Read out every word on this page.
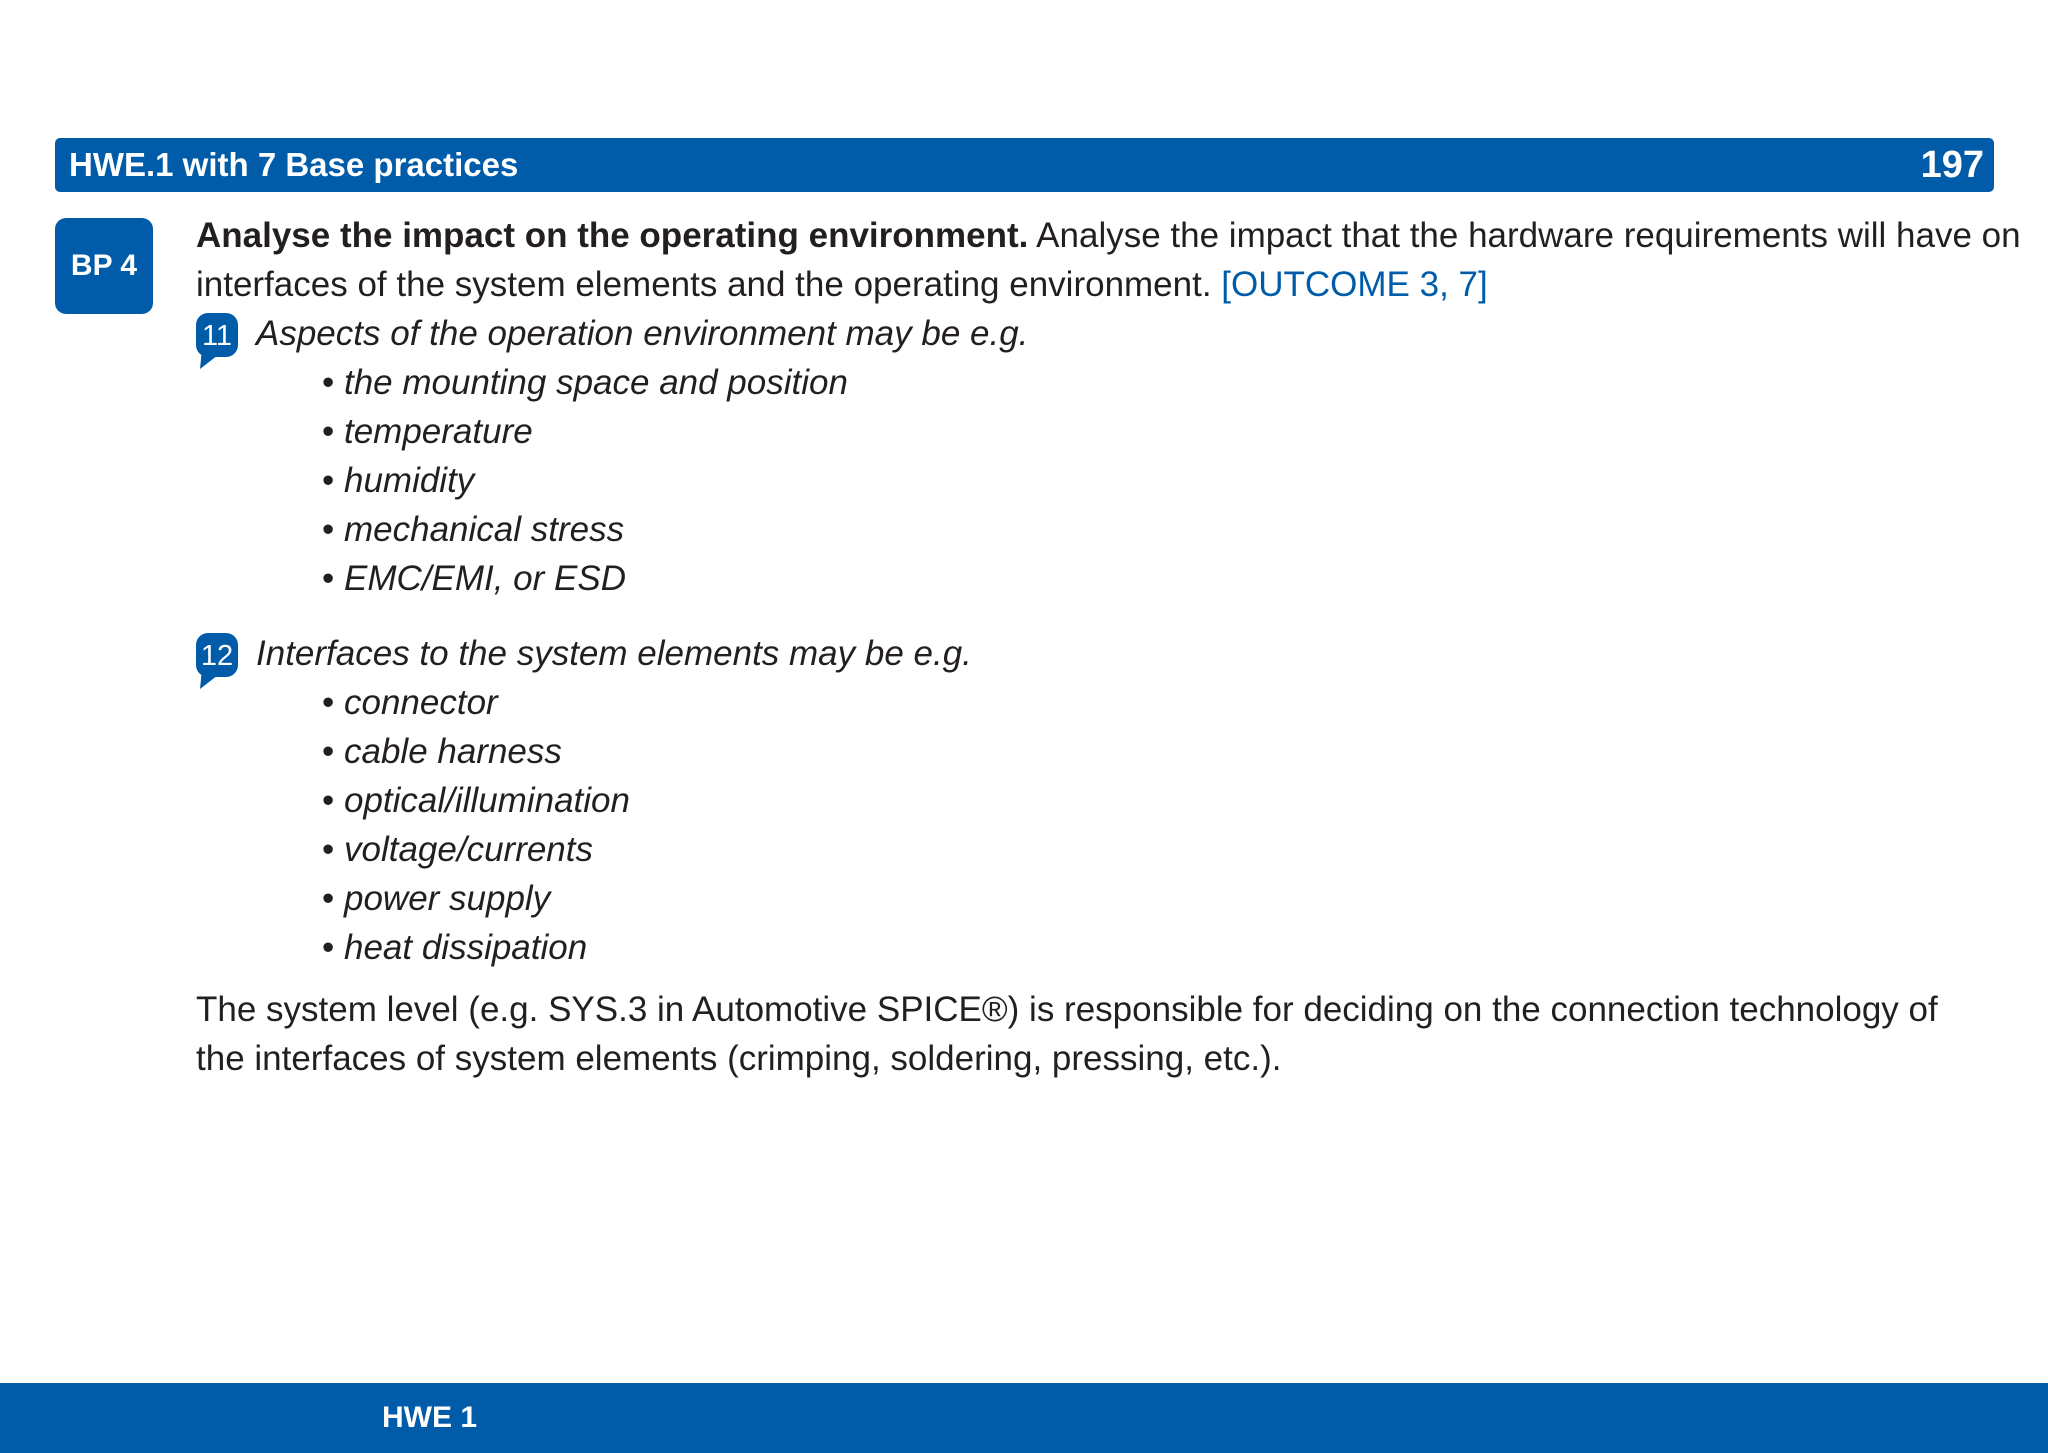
HWE.1 with 7 Base practices	197
BP 4
Analyse the impact on the operating environment. Analyse the impact that the hardware requirements will have on
interfaces of the system elements and the operating environment. [OUTCOME 3, 7]
11 Aspects of the operation environment may be e.g.
• the mounting space and position
• temperature
• humidity
• mechanical stress
• EMC/EMI, or ESD
12 Interfaces to the system elements may be e.g.
• connector
• cable harness
• optical/illumination
• voltage/currents
• power supply
• heat dissipation
The system level (e.g. SYS.3 in Automotive SPICE®) is responsible for deciding on the connection technology of the interfaces of system elements (crimping, soldering, pressing, etc.).
HWE 1
